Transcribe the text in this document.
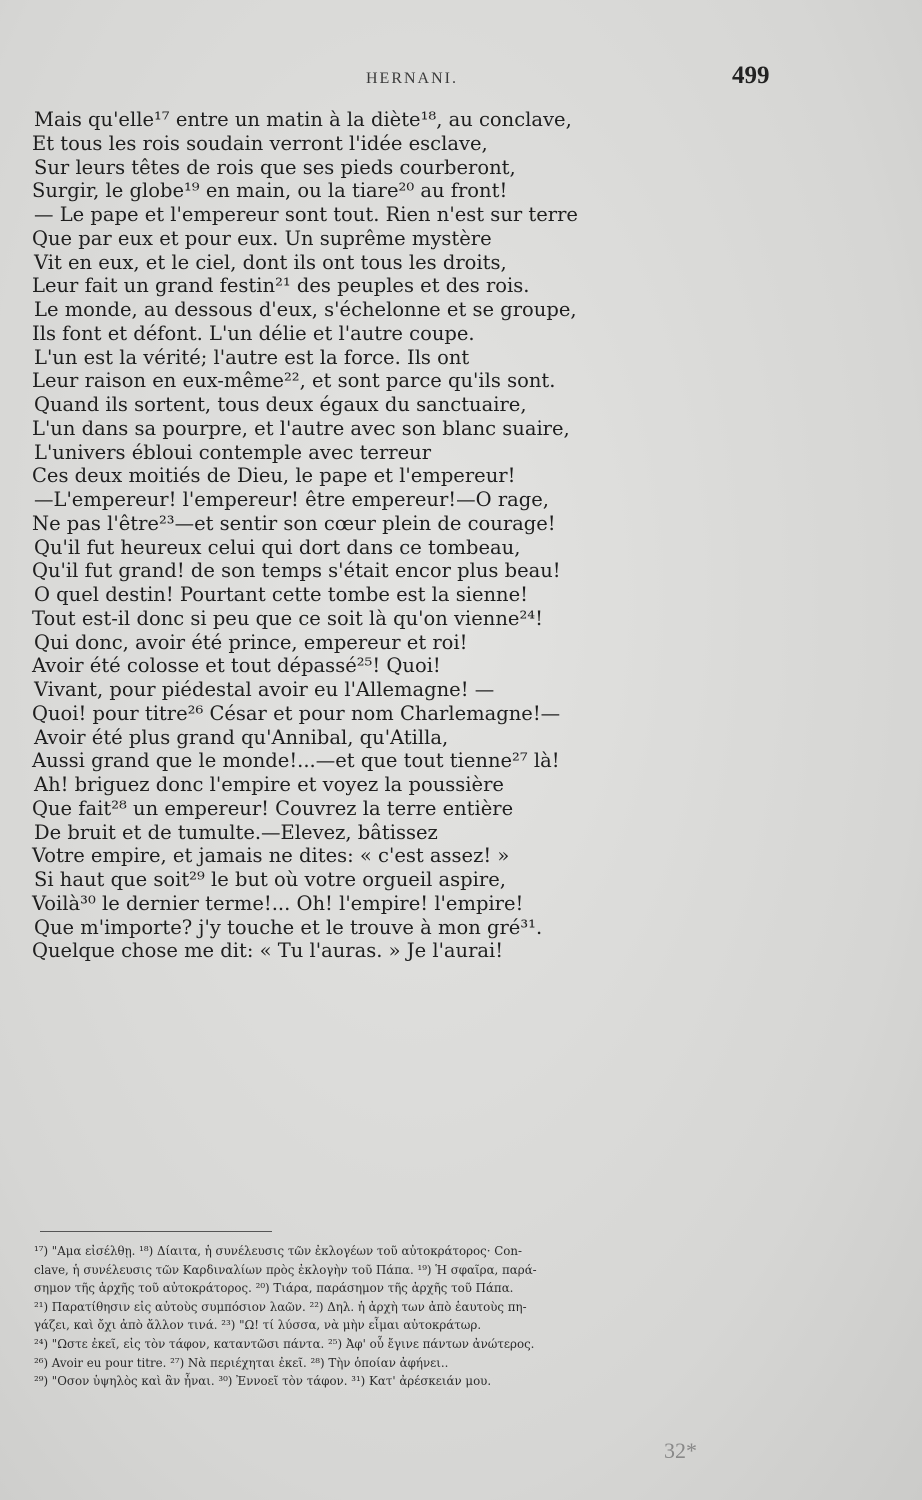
HERNANI.	499
Mais qu'elle¹⁷ entre un matin à la diète¹⁸, au conclave,
Et tous les rois soudain verront l'idée esclave,
Sur leurs têtes de rois que ses pieds courberont,
Surgir, le globe¹⁹ en main, ou la tiare²⁰ au front!
— Le pape et l'empereur sont tout. Rien n'est sur terre
Que par eux et pour eux. Un suprême mystère
Vit en eux, et le ciel, dont ils ont tous les droits,
Leur fait un grand festin²¹ des peuples et des rois.
Le monde, au dessous d'eux, s'échelonne et se groupe,
Ils font et défont. L'un délie et l'autre coupe.
L'un est la vérité; l'autre est la force. Ils ont
Leur raison en eux-même²², et sont parce qu'ils sont.
Quand ils sortent, tous deux égaux du sanctuaire,
L'un dans sa pourpre, et l'autre avec son blanc suaire,
L'univers ébloui contemple avec terreur
Ces deux moitiés de Dieu, le pape et l'empereur!
—L'empereur! l'empereur! être empereur!—O rage,
Ne pas l'être²³—et sentir son cœur plein de courage!
Qu'il fut heureux celui qui dort dans ce tombeau,
Qu'il fut grand! de son temps s'était encor plus beau!
O quel destin! Pourtant cette tombe est la sienne!
Tout est-il donc si peu que ce soit là qu'on vienne²⁴!
Qui donc, avoir été prince, empereur et roi!
Avoir été colosse et tout dépassé²⁵! Quoi!
Vivant, pour piédestal avoir eu l'Allemagne! —
Quoi! pour titre²⁶ César et pour nom Charlemagne!—
Avoir été plus grand qu'Annibal, qu'Atilla,
Aussi grand que le monde!...—et que tout tienne²⁷ là!
Ah! briguez donc l'empire et voyez la poussière
Que fait²⁸ un empereur! Couvrez la terre entière
De bruit et de tumulte.—Elevez, bâtissez
Votre empire, et jamais ne dites: « c'est assez! »
Si haut que soit²⁹ le but où votre orgueil aspire,
Voilà³⁰ le dernier terme!... Oh! l'empire! l'empire!
Que m'importe? j'y touche et le trouve à mon gré³¹.
Quelque chose me dit: « Tu l'auras. » Je l'aurai!
¹⁷) "Αμα εἰσέλθῃ. ¹⁸) Δίαιτα, ἡ συνέλευσις τῶν ἐκλογέων τοῦ αὐτοκράτορος· Con-
clave, ἡ συνέλευσις τῶν Καρδιναλίων πρὸς ἐκλογὴν τοῦ Πάπα. ¹⁹) Ἡ σφαῖρα, παρά-
σημον τῆς ἀρχῆς τοῦ αὐτοκράτορος. ²⁰) Τιάρα, παράσημον τῆς ἀρχῆς τοῦ Πάπα.
²¹) Παρατίθησιν εἰς αὐτοὺς συμπόσιον λαῶν. ²²) Δηλ. ἡ ἀρχὴ των ἀπὸ ἑαυτοὺς πη-
γάζει, καὶ ὄχι ἀπὸ ἄλλον τινά. ²³) "Ω! τί λύσσα, νὰ μὴν εἶμαι αὐτοκράτωρ.
²⁴) "Ωστε ἐκεῖ, εἰς τὸν τάφον, καταντῶσι πάντα. ²⁵) Ἀφ' οὗ ἔγινε πάντων ἀνώτερος.
²⁶) Avoir eu pour titre. ²⁷) Νὰ περιέχηται ἐκεῖ. ²⁸) Τὴν ὁποίαν ἀφήνει..
²⁹) "Οσον ὑψηλὸς καὶ ἂν ἦναι. ³⁰) Ἐννοεῖ τὸν τάφον. ³¹) Κατ' ἀρέσκειάν μου.
32*
